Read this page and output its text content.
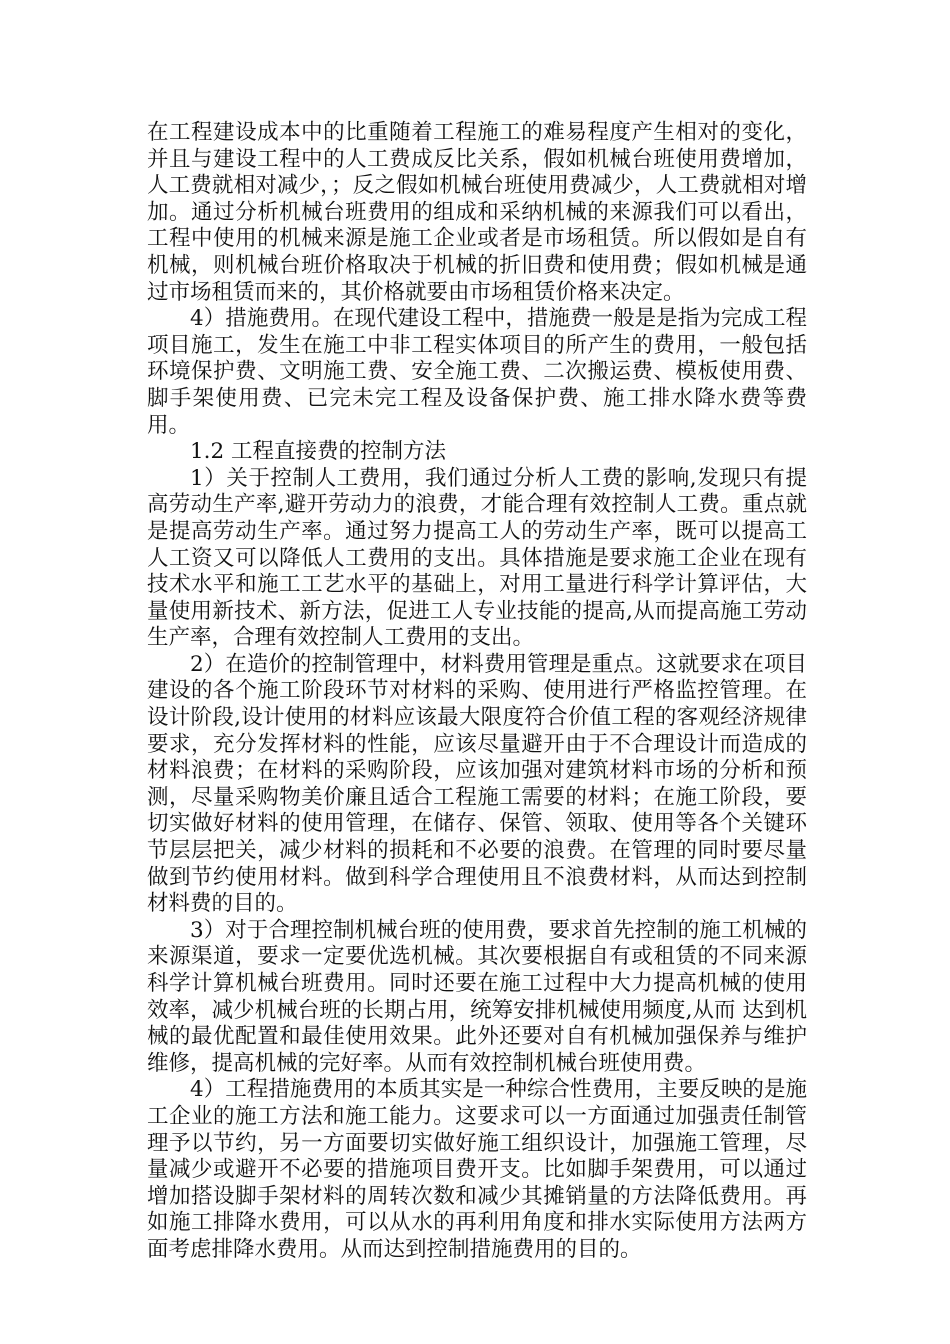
在工程建设成本中的比重随着工程施工的难易程度产生相对的变化，并且与建设工程中的人工费成反比关系，假如机械台班使用费增加，人工费就相对减少，；反之假如机械台班使用费减少，人工费就相对增加。通过分析机械台班费用的组成和采纳机械的来源我们可以看出，工程中使用的机械来源是施工企业或者是市场租赁。所以假如是自有机械，则机械台班价格取决于机械的折旧费和使用费；假如机械是通过市场租赁而来的，其价格就要由市场租赁价格来决定。

4）措施费用。在现代建设工程中，措施费一般是是指为完成工程项目施工，发生在施工中非工程实体项目的所产生的费用，一般包括环境保护费、文明施工费、安全施工费、二次搬运费、模板使用费、脚手架使用费、已完未完工程及设备保护费、施工排水降水费等费用。

1.2 工程直接费的控制方法

1）关于控制人工费用，我们通过分析人工费的影响,发现只有提高劳动生产率,避开劳动力的浪费，才能合理有效控制人工费。重点就是提高劳动生产率。通过努力提高工人的劳动生产率，既可以提高工人工资又可以降低人工费用的支出。具体措施是要求施工企业在现有技术水平和施工工艺水平的基础上，对用工量进行科学计算评估，大量使用新技术、新方法，促进工人专业技能的提高,从而提高施工劳动生产率，合理有效控制人工费用的支出。

2）在造价的控制管理中，材料费用管理是重点。这就要求在项目建设的各个施工阶段环节对材料的采购、使用进行严格监控管理。在设计阶段,设计使用的材料应该最大限度符合价值工程的客观经济规律要求，充分发挥材料的性能，应该尽量避开由于不合理设计而造成的材料浪费；在材料的采购阶段，应该加强对建筑材料市场的分析和预测，尽量采购物美价廉且适合工程施工需要的材料；在施工阶段，要切实做好材料的使用管理，在储存、保管、领取、使用等各个关键环节层层把关，减少材料的损耗和不必要的浪费。在管理的同时要尽量做到节约使用材料。做到科学合理使用且不浪费材料，从而达到控制材料费的目的。

3）对于合理控制机械台班的使用费，要求首先控制的施工机械的来源渠道，要求一定要优选机械。其次要根据自有或租赁的不同来源科学计算机械台班费用。同时还要在施工过程中大力提高机械的使用效率，减少机械台班的长期占用，统筹安排机械使用频度,从而 达到机械的最优配置和最佳使用效果。此外还要对自有机械加强保养与维护维修，提高机械的完好率。从而有效控制机械台班使用费。

4）工程措施费用的本质其实是一种综合性费用，主要反映的是施工企业的施工方法和施工能力。这要求可以一方面通过加强责任制管理予以节约，另一方面要切实做好施工组织设计，加强施工管理，尽量减少或避开不必要的措施项目费开支。比如脚手架费用，可以通过增加搭设脚手架材料的周转次数和减少其摊销量的方法降低费用。再如施工排降水费用，可以从水的再利用角度和排水实际使用方法两方面考虑排降水费用。从而达到控制措施费用的目的。
